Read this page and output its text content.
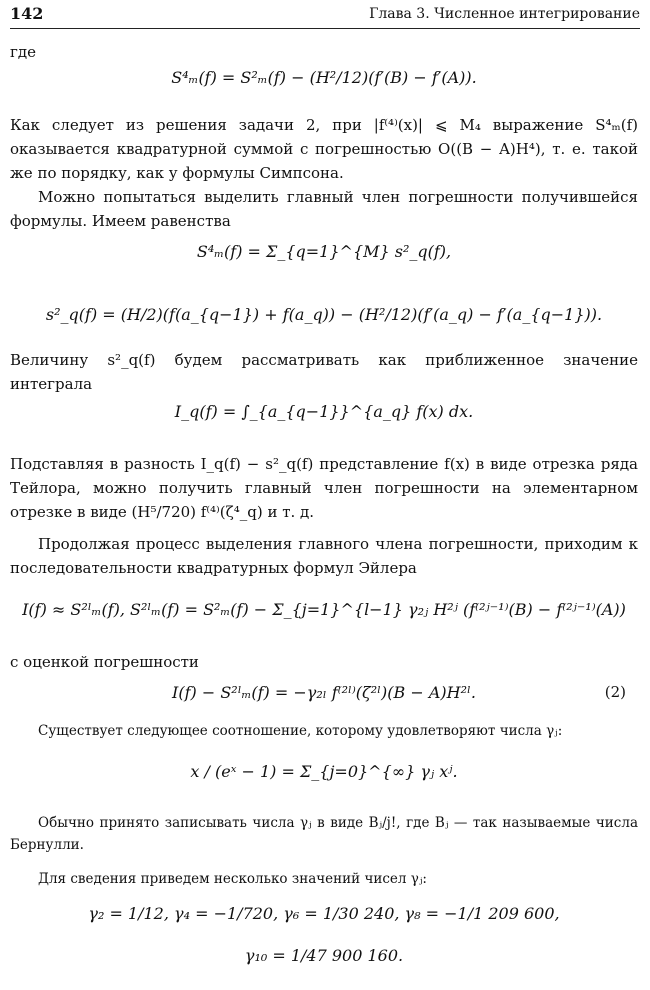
142	Глава 3. Численное интегрирование

где

S⁴ₘ(f) = S²ₘ(f) − (H²/12)(f′(B) − f′(A)).

Как следует из решения задачи 2, при |f⁽⁴⁾(x)| ⩽ M₄ выражение S⁴ₘ(f) оказывается квадратурной суммой с погрешностью O((B − A)H⁴), т. е. такой же по порядку, как у формулы Симпсона.

Можно попытаться выделить главный член погрешности получившейся формулы. Имеем равенства

S⁴ₘ(f) = Σ_{q=1}^{M} s²_q(f),
s²_q(f) = (H/2)(f(a_{q−1}) + f(a_q)) − (H²/12)(f′(a_q) − f′(a_{q−1})).

Величину s²_q(f) будем рассматривать как приближенное значение интеграла

I_q(f) = ∫_{a_{q−1}}^{a_q} f(x) dx.

Подставляя в разность I_q(f) − s²_q(f) представление f(x) в виде отрезка ряда Тейлора, можно получить главный член погрешности на элементарном отрезке в виде (H⁵/720) f⁽⁴⁾(ζ⁴_q) и т. д.

Продолжая процесс выделения главного члена погрешности, приходим к последовательности квадратурных формул Эйлера

I(f) ≈ S²ˡₘ(f), S²ˡₘ(f) = S²ₘ(f) − Σ_{j=1}^{l−1} γ₂ⱼ H²ʲ (f⁽²ʲ⁻¹⁾(B) − f⁽²ʲ⁻¹⁾(A))

с оценкой погрешности

I(f) − S²ˡₘ(f) = −γ₂ₗ f⁽²ˡ⁾(ζ²ˡ)(B − A)H²ˡ.	(2)

Существует следующее соотношение, которому удовлетворяют числа γⱼ:

x / (eˣ − 1) = Σ_{j=0}^{∞} γⱼ xʲ.

Обычно принято записывать числа γⱼ в виде Bⱼ/j!, где Bⱼ — так называемые числа Бернулли.

Для сведения приведем несколько значений чисел γⱼ:

γ₂ = 1/12, γ₄ = −1/720, γ₆ = 1/30 240, γ₈ = −1/1 209 600,
γ₁₀ = 1/47 900 160.
